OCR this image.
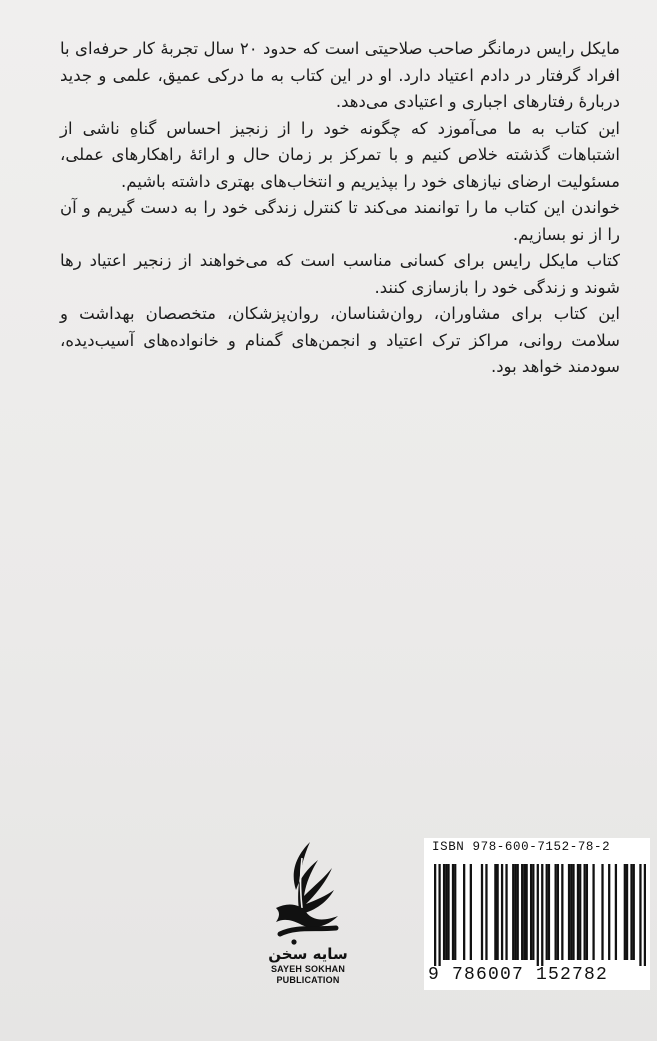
مایکل رایس درمانگر صاحب صلاحیتی است که حدود ۲۰ سال تجربهٔ کار حرفه‌ای با افراد گرفتار در دادم اعتیاد دارد. او در این کتاب به ما درکی عمیق، علمی و جدید دربارهٔ رفتارهای اجباری و اعتیادی می‌دهد.

این کتاب به ما می‌آموزد که چگونه خود را از زنجیز احساس گناهِ ناشی از اشتباهات گذشته خلاص کنیم و با تمرکز بر زمان حال و ارائهٔ راهکارهای عملی، مسئولیت ارضای نیازهای خود را بپذیریم و انتخاب‌های بهتری داشته باشیم.

خواندن این کتاب ما را توانمند می‌کند تا کنترل زندگی خود را به دست گیریم و آن را از نو بسازیم.

کتاب مایکل رایس برای کسانی مناسب است که می‌خواهند از زنجیر اعتیاد رها شوند و زندگی خود را بازسازی کنند.

این کتاب برای مشاوران، روان‌شناسان، روان‌پزشکان، متخصصان بهداشت و سلامت روانی، مراکز ترک اعتیاد و انجمن‌های گمنام و خانواده‌های آسیب‌دیده، سودمند خواهد بود.

سایه سخن
SAYEH SOKHAN
PUBLICATION
ISBN 978-600-7152-78-2
9 786007 152782
